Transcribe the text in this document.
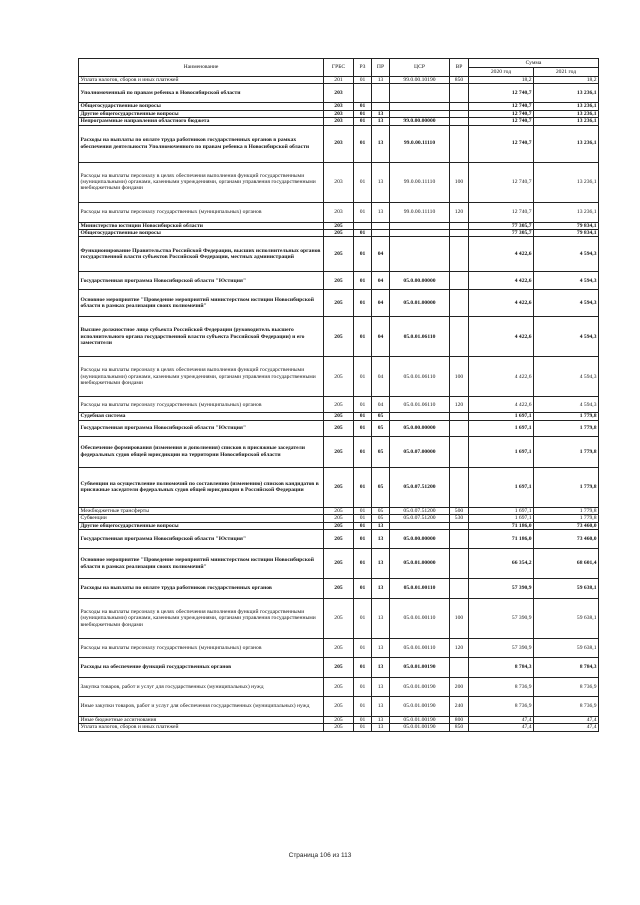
Наименование	ГРБС	РЗ	ПР	ЦСР	ВР	Сумма	
						2020 год	2021 год
Уплата налогов, сборов и иных платежей	201	01	13	99.0.00.10190	850	18,2	18,2
Уполномоченный по правам ребенка в Новосибирской области	203					12 740,7	13 236,1
Общегосударственные вопросы	203	01				12 740,7	13 236,1
Другие общегосударственные вопросы	203	01	13			12 740,7	13 236,1
Непрограммные направления областного бюджета	203	01	13	99.0.00.00000		12 740,7	13 236,1
Расходы на выплаты по оплате труда работников государственных органов в рамках обеспечения деятельности Уполномоченного по правам ребенка в Новосибирской области	203	01	13	99.0.00.11110		12 740,7	13 236,1
Расходы на выплаты персоналу в целях обеспечения выполнения функций государственными (муниципальными) органами, казенными учреждениями, органами управления государственными внебюджетными фондами	203	01	13	99.0.00.11110	100	12 740,7	13 236,1
Расходы на выплаты персоналу государственных (муниципальных) органов	203	01	13	99.0.00.11110	120	12 740,7	13 236,1
Министерство юстиции Новосибирской области	205					77 305,7	79 834,1
Общегосударственные вопросы	205	01				77 305,7	79 834,1
Функционирование Правительства Российской Федерации, высших исполнительных органов государственной власти субъектов Российской Федерации, местных администраций	205	01	04			4 422,6	4 594,3
Государственная программа Новосибирской области "Юстиция"	205	01	04	05.0.00.00000		4 422,6	4 594,3
Основное мероприятие "Проведение мероприятий министерством юстиции Новосибирской области в рамках реализации своих полномочий"	205	01	04	05.0.01.00000		4 422,6	4 594,3
Высшее должностное лицо субъекта Российской Федерации (руководитель высшего исполнительного органа государственной власти субъекта Российской Федерации) и его заместители	205	01	04	05.0.01.06110		4 422,6	4 594,3
Расходы на выплаты персоналу в целях обеспечения выполнения функций государственными (муниципальными) органами, казенными учреждениями, органами управления государственными внебюджетными фондами	205	01	04	05.0.01.06110	100	4 422,6	4 594,3
Расходы на выплаты персоналу государственных (муниципальных) органов	205	01	04	05.0.01.06110	120	4 422,6	4 594,3
Судебная система	205	01	05			1 697,1	1 779,8
Государственная программа Новосибирской области "Юстиция"	205	01	05	05.0.00.00000		1 697,1	1 779,8
Обеспечение формирования (изменения и дополнения) списков в присяжные заседатели федеральных судов общей юрисдикции на территории Новосибирской области	205	01	05	05.0.07.00000		1 697,1	1 779,8
Субвенции на осуществление полномочий по составлению (изменению) списков кандидатов в присяжные заседатели федеральных судов общей юрисдикции в Российской Федерации	205	01	05	05.0.07.51200		1 697,1	1 779,8
Межбюджетные трансферты	205	01	05	05.0.07.51200	500	1 697,1	1 779,8
Субвенции	205	01	05	05.0.07.51200	530	1 697,1	1 779,8
Другие общегосударственные вопросы	205	01	13			71 186,0	73 460,0
Государственная программа Новосибирской области "Юстиция"	205	01	13	05.0.00.00000		71 186,0	73 460,0
Основное мероприятие "Проведение мероприятий министерством юстиции Новосибирской области в рамках реализации своих полномочий"	205	01	13	05.0.01.00000		66 354,2	68 601,4
Расходы на выплаты по оплате труда работников государственных органов	205	01	13	05.0.01.00110		57 390,9	59 638,1
Расходы на выплаты персоналу в целях обеспечения выполнения функций государственными (муниципальными) органами, казенными учреждениями, органами управления государственными внебюджетными фондами	205	01	13	05.0.01.00110	100	57 390,9	59 638,1
Расходы на выплаты персоналу государственных (муниципальных) органов	205	01	13	05.0.01.00110	120	57 390,9	59 638,1
Расходы на обеспечение функций государственных органов	205	01	13	05.0.01.00190		8 784,3	8 784,3
Закупка товаров, работ и услуг для государственных (муниципальных) нужд	205	01	13	05.0.01.00190	200	8 736,9	8 736,9
Иные закупки товаров, работ и услуг для обеспечения государственных (муниципальных) нужд	205	01	13	05.0.01.00190	240	8 736,9	8 736,9
Иные бюджетные ассигнования	205	01	13	05.0.01.00190	800	47,4	47,4
Уплата налогов, сборов и иных платежей	205	01	13	05.0.01.00190	850	47,4	47,4
Страница 106 из 113
